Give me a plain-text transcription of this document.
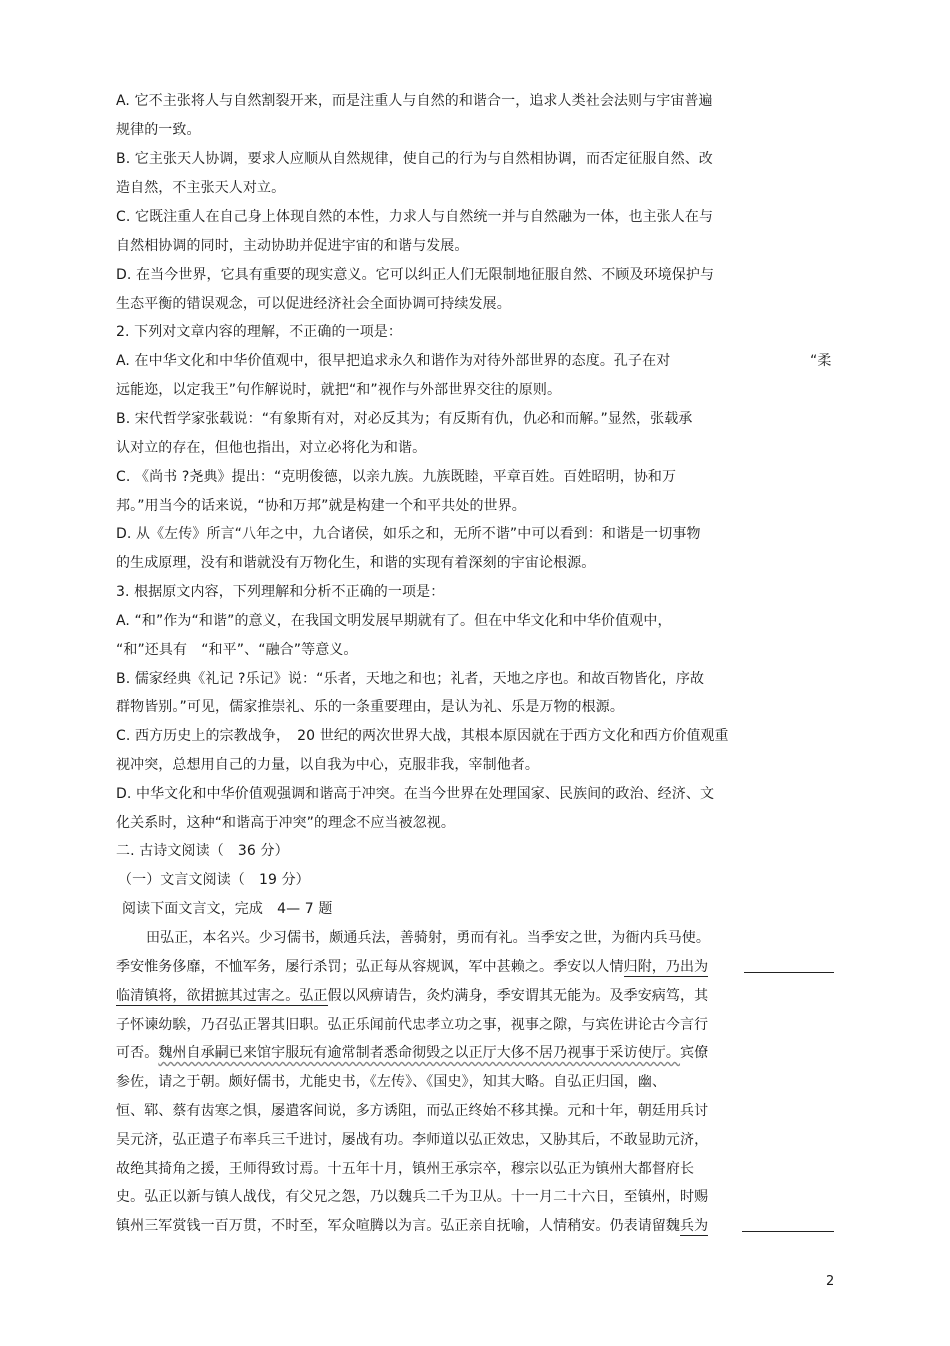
A. 它不主张将人与自然割裂开来，而是注重人与自然的和谐合一，追求人类社会法则与宇宙普遍
规律的一致。
B. 它主张天人协调，要求人应顺从自然规律，使自己的行为与自然相协调，而否定征服自然、改
造自然，不主张天人对立。
C. 它既注重人在自己身上体现自然的本性，力求人与自然统一并与自然融为一体，也主张人在与
自然相协调的同时，主动协助并促进宇宙的和谐与发展。
D. 在当今世界，它具有重要的现实意义。它可以纠正人们无限制地征服自然、不顾及环境保护与
生态平衡的错误观念，可以促进经济社会全面协调可持续发展。
2. 下列对文章内容的理解，不正确的一项是：
A. 在中华文化和中华价值观中，很早把追求永久和谐作为对待外部世界的态度。孔子在对	“柔
远能迩，以定我王”句作解说时，就把“和”视作与外部世界交往的原则。
B. 宋代哲学家张载说：“有象斯有对，对必反其为；有反斯有仇，仇必和而解。”显然，张载承
认对立的存在，但他也指出，对立必将化为和谐。
C. 《尚书 ?尧典》提出：“克明俊德，以亲九族。九族既睦，平章百姓。百姓昭明，协和万
邦。”用当今的话来说，“协和万邦”就是构建一个和平共处的世界。
D. 从《左传》所言“八年之中，九合诸侯，如乐之和，无所不谐”中可以看到：和谐是一切事物
的生成原理，没有和谐就没有万物化生，和谐的实现有着深刻的宇宙论根源。
3. 根据原文内容，下列理解和分析不正确的一项是：
A. “和”作为“和谐”的意义，在我国文明发展早期就有了。但在中华文化和中华价值观中，
“和”还具有　“和平”、“融合”等意义。
B. 儒家经典《礼记 ?乐记》说：“乐者，天地之和也；礼者，天地之序也。和故百物皆化，序故
群物皆别。”可见，儒家推崇礼、乐的一条重要理由，是认为礼、乐是万物的根源。
C. 西方历史上的宗教战争，　20 世纪的两次世界大战，其根本原因就在于西方文化和西方价值观重
视冲突，总想用自己的力量，以自我为中心，克服非我，宰制他者。
D. 中华文化和中华价值观强调和谐高于冲突。在当今世界在处理国家、民族间的政治、经济、文
化关系时，这种“和谐高于冲突”的理念不应当被忽视。
二. 古诗文阅读（　36 分）
（一）文言文阅读（　19 分）
阅读下面文言文，完成　4— 7 题
田弘正，本名兴。少习儒书，颇通兵法，善骑射，勇而有礼。当季安之世，为衙内兵马使。
季安惟务侈靡，不恤军务，屡行杀罚；弘正每从容规讽，军中甚赖之。季安以人情归附，乃出为
临清镇将，欲捃摭其过害之。弘正假以风痹请告，灸灼满身，季安谓其无能为。及季安病笃，其
子怀谏幼騃，乃召弘正署其旧职。弘正乐闻前代忠孝立功之事，视事之隙，与宾佐讲论古今言行
可否。魏州自承嗣已来馆宇服玩有逾常制者悉命彻毁之以正厅大侈不居乃视事于采访使厅。宾僚
参佐，请之于朝。颇好儒书，尤能史书，《左传》、《国史》，知其大略。自弘正归国，幽、
恒、郓、蔡有齿寒之惧，屡遣客间说，多方诱阻，而弘正终始不移其操。元和十年，朝廷用兵讨
吴元济，弘正遣子布率兵三千进讨，屡战有功。李师道以弘正效忠，又胁其后，不敢显助元济，
故绝其掎角之援，王师得致讨焉。十五年十月，镇州王承宗卒，穆宗以弘正为镇州大都督府长
史。弘正以新与镇人战伐，有父兄之怨，乃以魏兵二千为卫从。十一月二十六日，至镇州，时赐
镇州三军赏钱一百万贯，不时至，军众喧腾以为言。弘正亲自抚喻，人情稍安。仍表请留魏兵为
2
